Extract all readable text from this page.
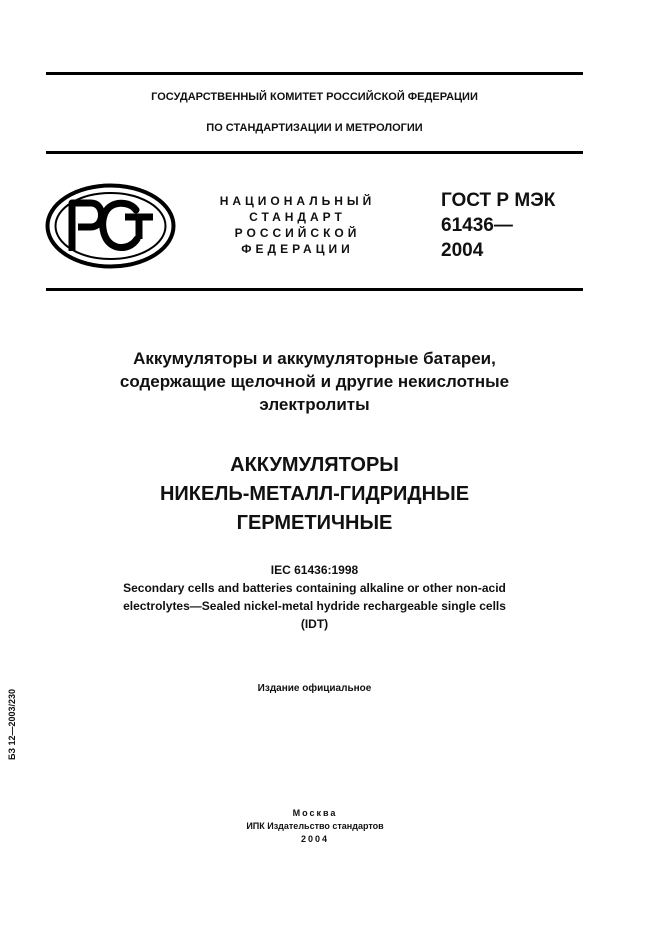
ГОСУДАРСТВЕННЫЙ КОМИТЕТ РОССИЙСКОЙ ФЕДЕРАЦИИ
ПО СТАНДАРТИЗАЦИИ И МЕТРОЛОГИИ
НАЦИОНАЛЬНЫЙ
СТАНДАРТ
РОССИЙСКОЙ
ФЕДЕРАЦИИ
ГОСТ Р МЭК
61436—
2004
Аккумуляторы и аккумуляторные батареи,
содержащие щелочной и другие некислотные
электролиты
АККУМУЛЯТОРЫ
НИКЕЛЬ-МЕТАЛЛ-ГИДРИДНЫЕ
ГЕРМЕТИЧНЫЕ
IEC 61436:1998
Secondary cells and batteries containing alkaline or other non-acid
electrolytes—Sealed nickel-metal hydride rechargeable single cells
(IDT)
Издание официальное
БЗ 12—2003/230
Москва
ИПК Издательство стандартов
2004
